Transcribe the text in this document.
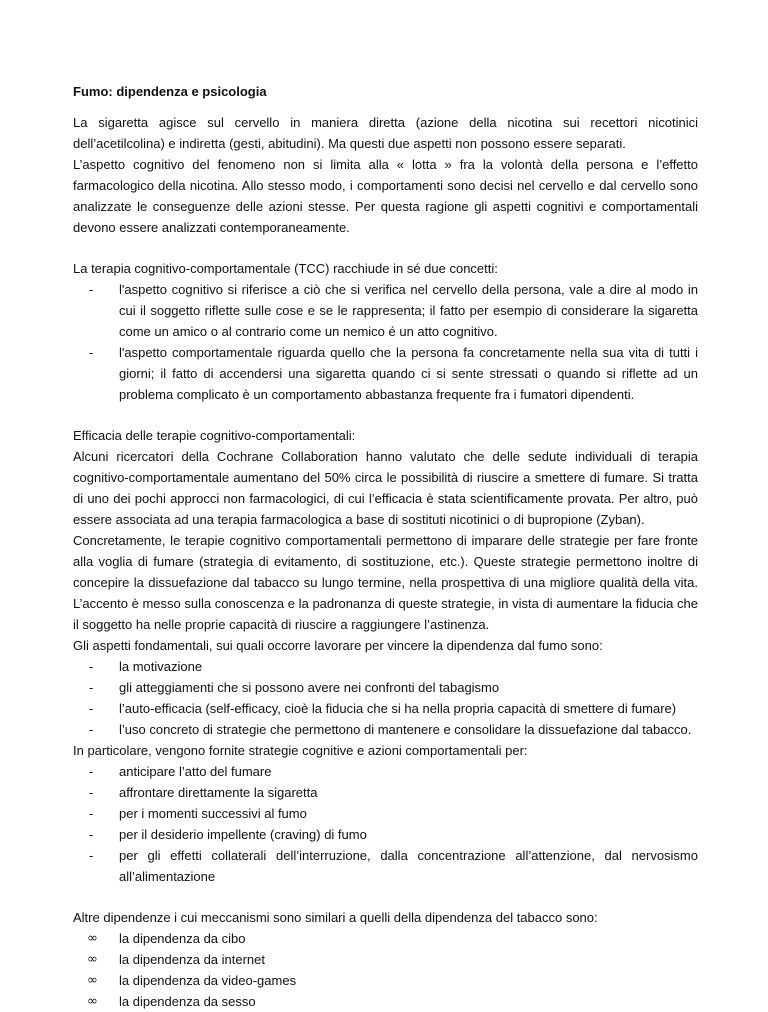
Fumo: dipendenza e psicologia

La sigaretta agisce sul cervello in maniera diretta (azione della nicotina sui recettori nicotinici dell’acetilcolina) e indiretta (gesti, abitudini). Ma questi due aspetti non possono essere separati.

L’aspetto cognitivo del fenomeno non si limita alla « lotta » fra la volontà della persona e l’effetto farmacologico della nicotina. Allo stesso modo, i comportamenti sono decisi nel cervello e dal cervello sono analizzate le conseguenze delle azioni stesse. Per questa ragione gli aspetti cognitivi e comportamentali devono essere analizzati contemporaneamente.

La terapia cognitivo-comportamentale (TCC) racchiude in sé due concetti:

- l'aspetto cognitivo si riferisce a ciò che si verifica nel cervello della persona, vale a dire al modo in cui il soggetto riflette sulle cose e se le rappresenta; il fatto per esempio di considerare la sigaretta come un amico o al contrario come un nemico é un atto cognitivo.
- l'aspetto comportamentale riguarda quello che la persona fa concretamente nella sua vita di tutti i giorni; il fatto di accendersi una sigaretta quando ci si sente stressati o quando si riflette ad un problema complicato è un comportamento abbastanza frequente fra i fumatori dipendenti.

Efficacia delle terapie cognitivo-comportamentali:

Alcuni ricercatori della Cochrane Collaboration hanno valutato che delle sedute individuali di terapia cognitivo-comportamentale aumentano del 50% circa le possibilità di riuscire a smettere di fumare. Si tratta di uno dei pochi approcci non farmacologici, di cui l’efficacia è stata scientificamente provata. Per altro, può essere associata ad una terapia farmacologica a base di sostituti nicotinici o di bupropione (Zyban).

Concretamente, le terapie cognitivo comportamentali permettono di imparare delle strategie per fare fronte alla voglia di fumare (strategia di evitamento, di sostituzione, etc.). Queste strategie permettono inoltre di concepire la dissuefazione dal tabacco su lungo termine, nella prospettiva di una migliore qualità della vita. L’accento è messo sulla conoscenza e la padronanza di queste strategie, in vista di aumentare la fiducia che il soggetto ha nelle proprie capacità di riuscire a raggiungere l’astinenza.

Gli aspetti fondamentali, sui quali occorre lavorare per vincere la dipendenza dal fumo sono:

- la motivazione
- gli atteggiamenti che si possono avere nei confronti del tabagismo
- l’auto-efficacia (self-efficacy, cioè la fiducia che si ha nella propria capacità di smettere di fumare)
- l’uso concreto di strategie che permettono di mantenere e consolidare la dissuefazione dal tabacco.

In particolare, vengono fornite strategie cognitive e azioni comportamentali per:

- anticipare l’atto del fumare
- affrontare direttamente la sigaretta
- per i momenti successivi al fumo
- per il desiderio impellente (craving) di fumo
- per gli effetti collaterali dell’interruzione, dalla concentrazione all’attenzione, dal nervosismo all’alimentazione

Altre dipendenze i cui meccanismi sono similari a quelli della dipendenza del tabacco sono:

∞ la dipendenza da cibo
∞ la dipendenza da internet
∞ la dipendenza da video-games
∞ la dipendenza da sesso
